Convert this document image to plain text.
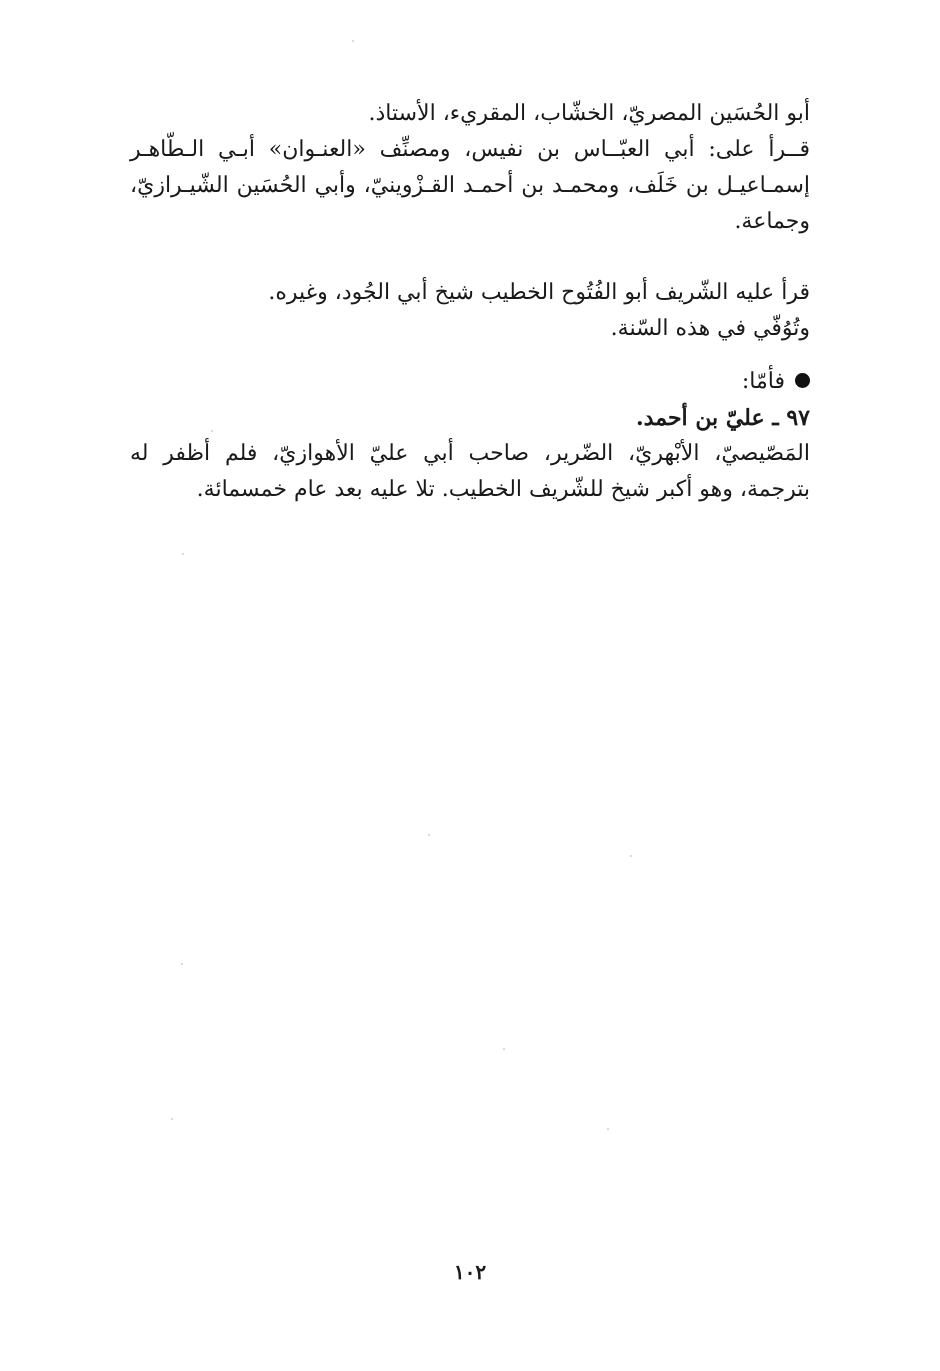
أبو الحُسَين المصريّ، الخشّاب، المقريء، الأستاذ.
قــرأ على: أبي العبّــاس بن نفيس، ومصنِّف «العنـوان» أبـي الـطّاهـر
إسمـاعيـل بن خَلَف، ومحمـد بن أحمـد القـزْوينيّ، وأبي الحُسَين الشّيـرازيّ،
وجماعة.
قرأ عليه الشّريف أبو الفُتُوح الخطيب شيخ أبي الجُود، وغيره.
وتُوُفّي في هذه السّنة.
فأمّا:
٩٧ ـ عليّ بن أحمد.
المَصّيصيّ، الأبْهريّ، الضّرير، صاحب أبي عليّ الأهوازيّ، فلم أظفر له
بترجمة، وهو أكبر شيخ للشّريف الخطيب. تلا عليه بعد عام خمسمائة.
١٠٢
